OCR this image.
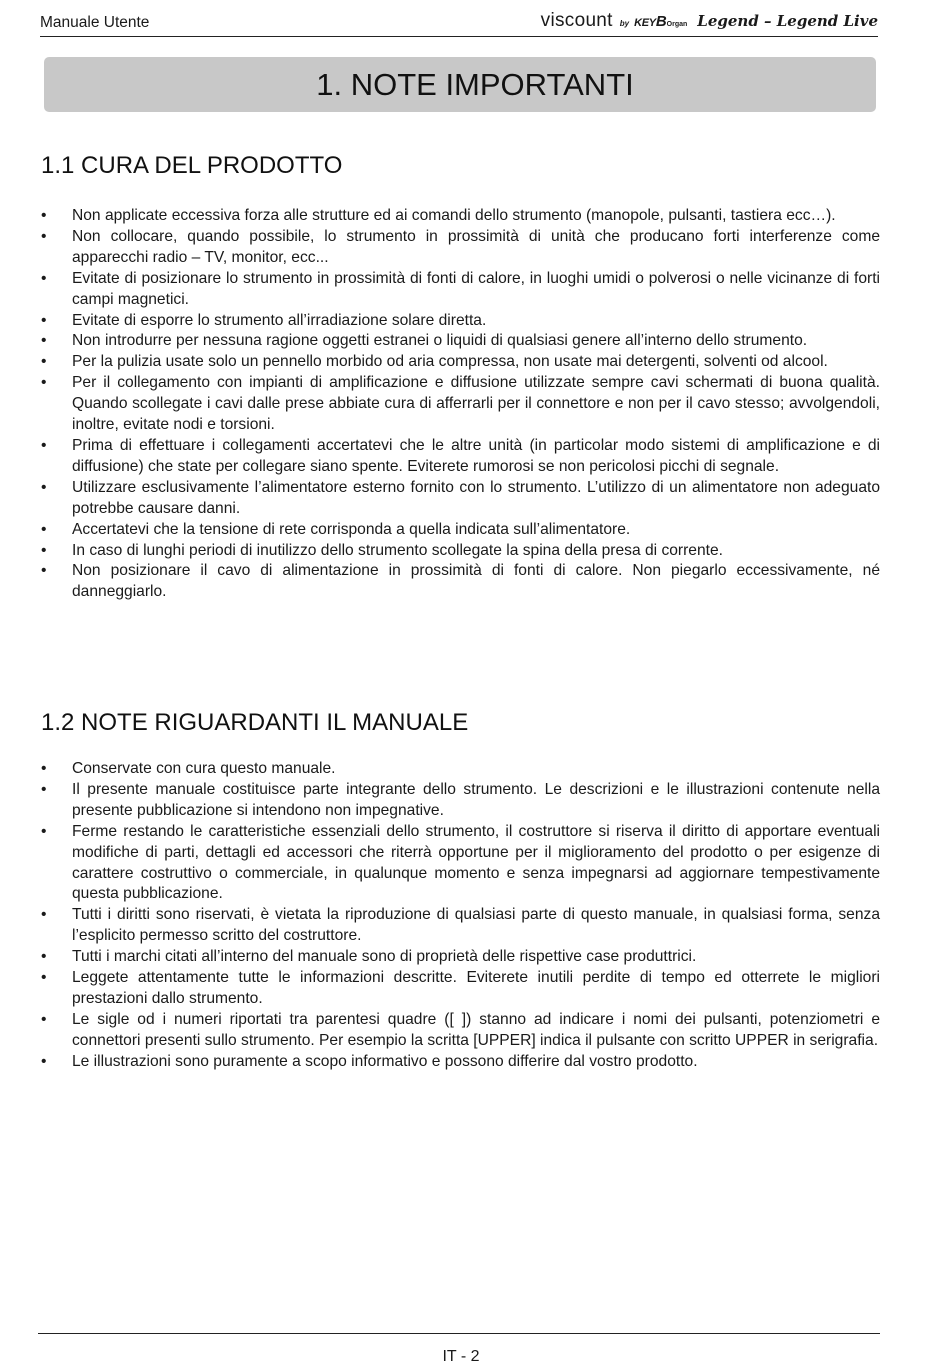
Manuale Utente	viscount by KEY B Organ Legend – Legend Live
1. NOTE IMPORTANTI
1.1 CURA DEL PRODOTTO
• Non applicate eccessiva forza alle strutture ed ai comandi dello strumento (manopole, pulsanti, tastiera ecc…).
• Non collocare, quando possibile, lo strumento in prossimità di unità che producano forti interferenze come apparecchi radio – TV, monitor, ecc...
• Evitate di posizionare lo strumento in prossimità di fonti di calore, in luoghi umidi o polverosi o nelle vicinanze di forti campi magnetici.
• Evitate di esporre lo strumento all’irradiazione solare diretta.
• Non introdurre per nessuna ragione oggetti estranei o liquidi di qualsiasi genere all’interno dello strumento.
• Per la pulizia usate solo un pennello morbido od aria compressa, non usate mai detergenti, solventi od alcool.
• Per il collegamento con impianti di amplificazione e diffusione utilizzate sempre cavi schermati di buona qualità. Quando scollegate i cavi dalle prese abbiate cura di afferrarli per il connettore e non per il cavo stesso; avvolgendoli, inoltre, evitate nodi e torsioni.
• Prima di effettuare i collegamenti accertatevi che le altre unità (in particolar modo sistemi di amplificazione e di diffusione) che state per collegare siano spente. Eviterete rumorosi se non pericolosi picchi di segnale.
• Utilizzare esclusivamente l’alimentatore esterno fornito con lo strumento. L’utilizzo di un alimentatore non adeguato potrebbe causare danni.
• Accertatevi che la tensione di rete corrisponda a quella indicata sull’alimentatore.
• In caso di lunghi periodi di inutilizzo dello strumento scollegate la spina della presa di corrente.
• Non posizionare il cavo di alimentazione in prossimità di fonti di calore. Non piegarlo eccessivamente, né danneggiarlo.
1.2 NOTE RIGUARDANTI IL MANUALE
• Conservate con cura questo manuale.
• Il presente manuale costituisce parte integrante dello strumento. Le descrizioni e le illustrazioni contenute nella presente pubblicazione si intendono non impegnative.
• Ferme restando le caratteristiche essenziali dello strumento, il costruttore si riserva il diritto di apportare eventuali modifiche di parti, dettagli ed accessori che riterrà opportune per il miglioramento del prodotto o per esigenze di carattere costruttivo o commerciale, in qualunque momento e senza impegnarsi ad aggiornare tempestivamente questa pubblicazione.
• Tutti i diritti sono riservati, è vietata la riproduzione di qualsiasi parte di questo manuale, in qualsiasi forma, senza l’esplicito permesso scritto del costruttore.
• Tutti i marchi citati all’interno del manuale sono di proprietà delle rispettive case produttrici.
• Leggete attentamente tutte le informazioni descritte. Eviterete inutili perdite di tempo ed otterrete le migliori prestazioni dallo strumento.
• Le sigle od i numeri riportati tra parentesi quadre ([ ]) stanno ad indicare i nomi dei pulsanti, potenziometri e connettori presenti sullo strumento. Per esempio la scritta [UPPER] indica il pulsante con scritto UPPER in serigrafia.
• Le illustrazioni sono puramente a scopo informativo e possono differire dal vostro prodotto.
IT - 2
